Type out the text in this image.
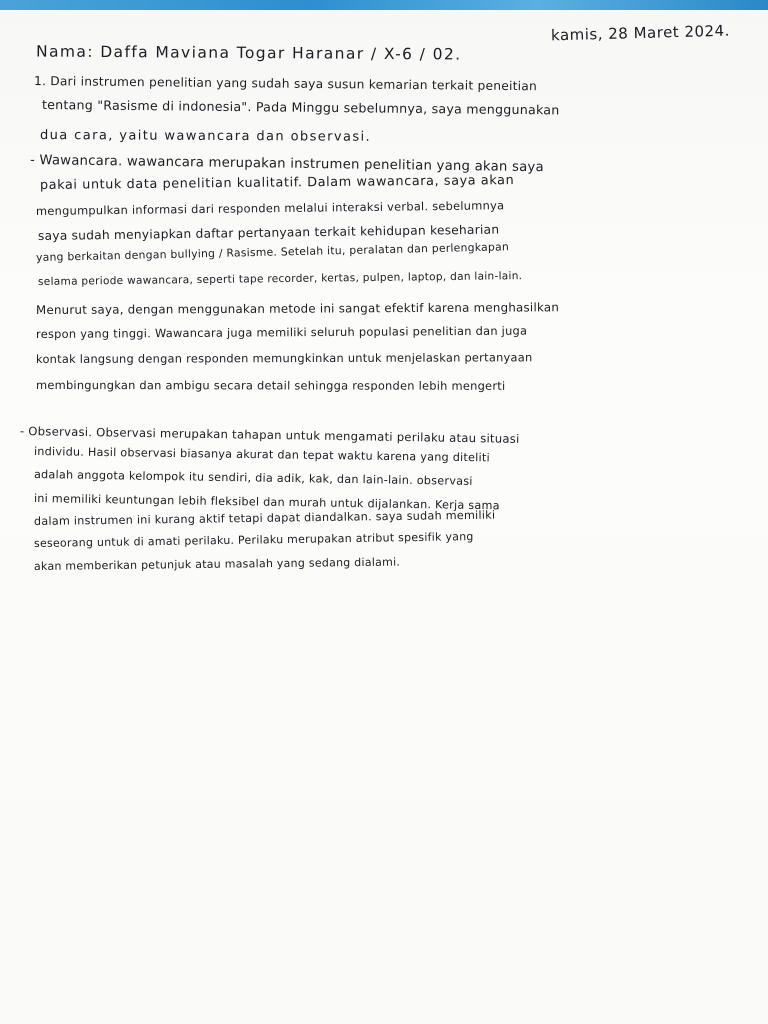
kamis, 28 Maret 2024.
Nama: Daffa Maviana Togar Haranar / X-6 / 02.
1. Dari instrumen penelitian yang sudah saya susun kemarian terkait peneitian
tentang "Rasisme di indonesia". Pada Minggu sebelumnya, saya menggunakan
dua cara, yaitu wawancara dan observasi.
- Wawancara. wawancara merupakan instrumen penelitian yang akan saya
pakai untuk data penelitian kualitatif. Dalam wawancara, saya akan
mengumpulkan informasi dari responden melalui interaksi verbal. sebelumnya
saya sudah menyiapkan daftar pertanyaan terkait kehidupan keseharian
yang berkaitan dengan bullying / Rasisme. Setelah itu, peralatan dan perlengkapan
selama periode wawancara, seperti tape recorder, kertas, pulpen, laptop, dan lain-lain.
Menurut saya, dengan menggunakan metode ini sangat efektif karena menghasilkan
respon yang tinggi. Wawancara juga memiliki seluruh populasi penelitian dan juga
kontak langsung dengan responden memungkinkan untuk menjelaskan pertanyaan
membingungkan dan ambigu secara detail sehingga responden lebih mengerti
- Observasi. Observasi merupakan tahapan untuk mengamati perilaku atau situasi
individu. Hasil observasi biasanya akurat dan tepat waktu karena yang diteliti
adalah anggota kelompok itu sendiri, dia adik, kak, dan lain-lain. observasi
ini memiliki keuntungan lebih fleksibel dan murah untuk dijalankan. Kerja sama
dalam instrumen ini kurang aktif tetapi dapat diandalkan. saya sudah memiliki
seseorang untuk di amati perilaku. Perilaku merupakan atribut spesifik yang
akan memberikan petunjuk atau masalah yang sedang dialami.
